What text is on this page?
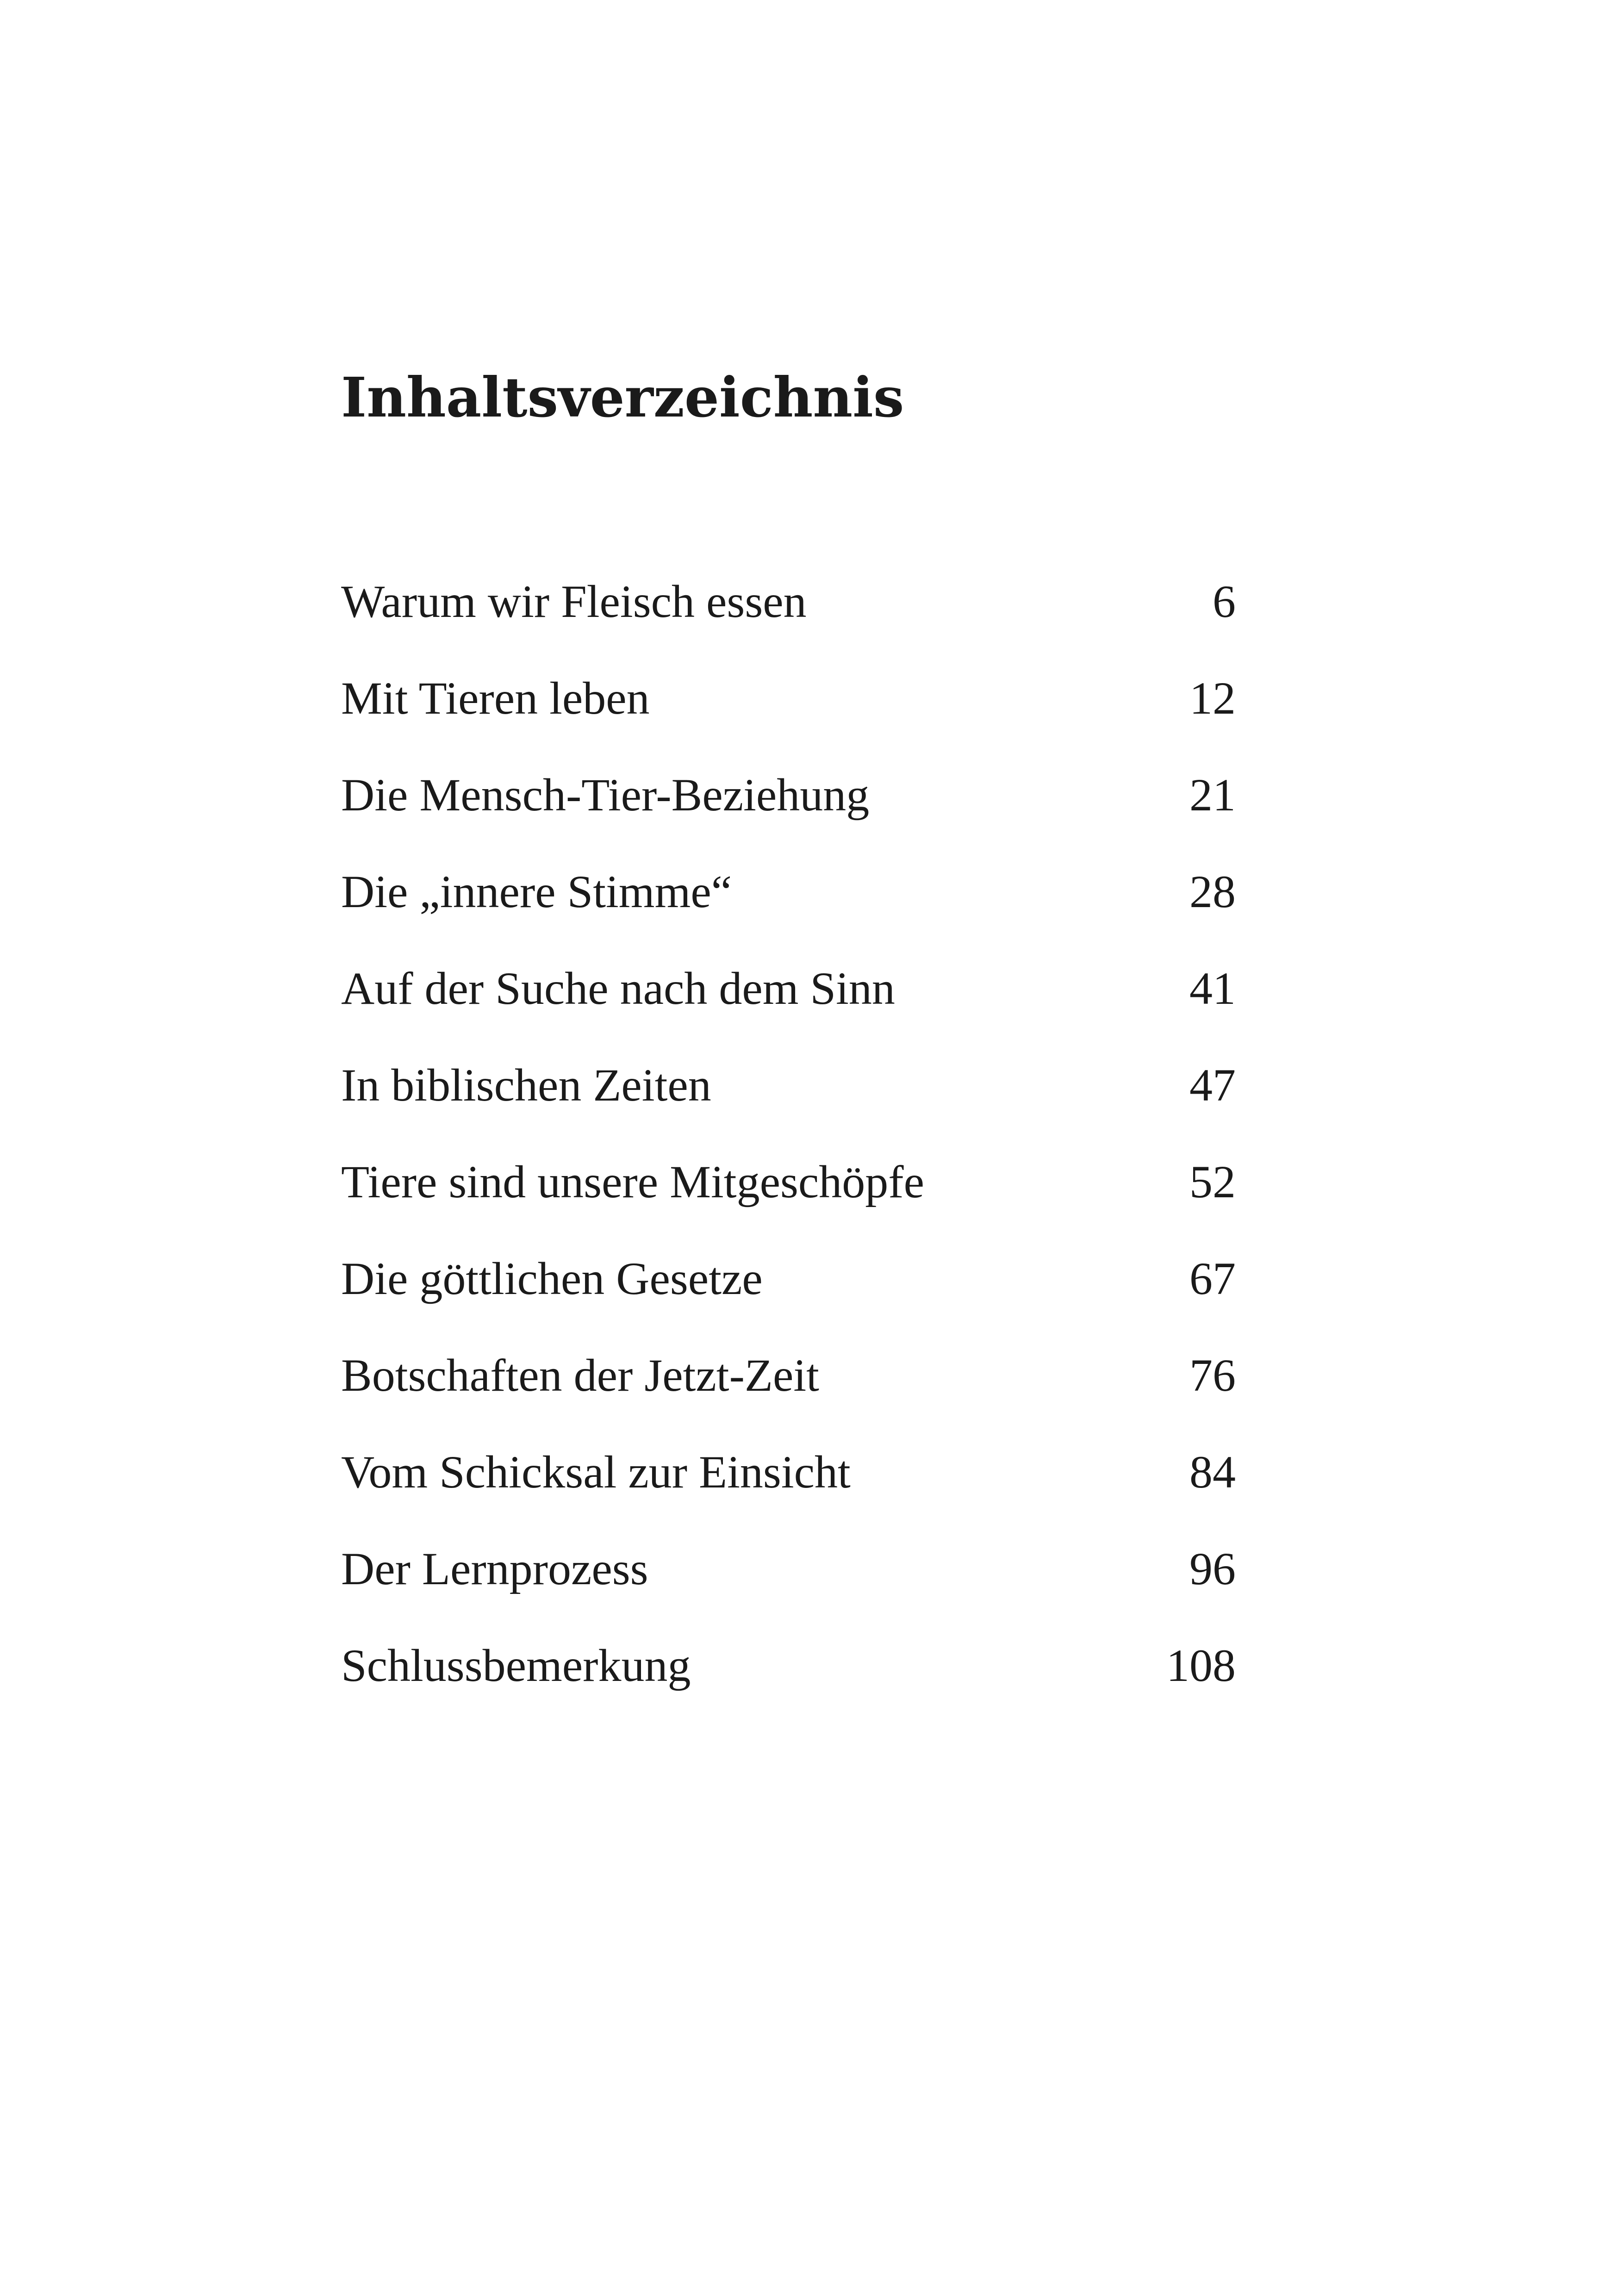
Inhaltsverzeichnis
Warum wir Fleisch essen	6
Mit Tieren leben	12
Die Mensch-Tier-Beziehung	21
Die „innere Stimme“	28
Auf der Suche nach dem Sinn	41
In biblischen Zeiten	47
Tiere sind unsere Mitgeschöpfe	52
Die göttlichen Gesetze	67
Botschaften der Jetzt-Zeit	76
Vom Schicksal zur Einsicht	84
Der Lernprozess	96
Schlussbemerkung	108
